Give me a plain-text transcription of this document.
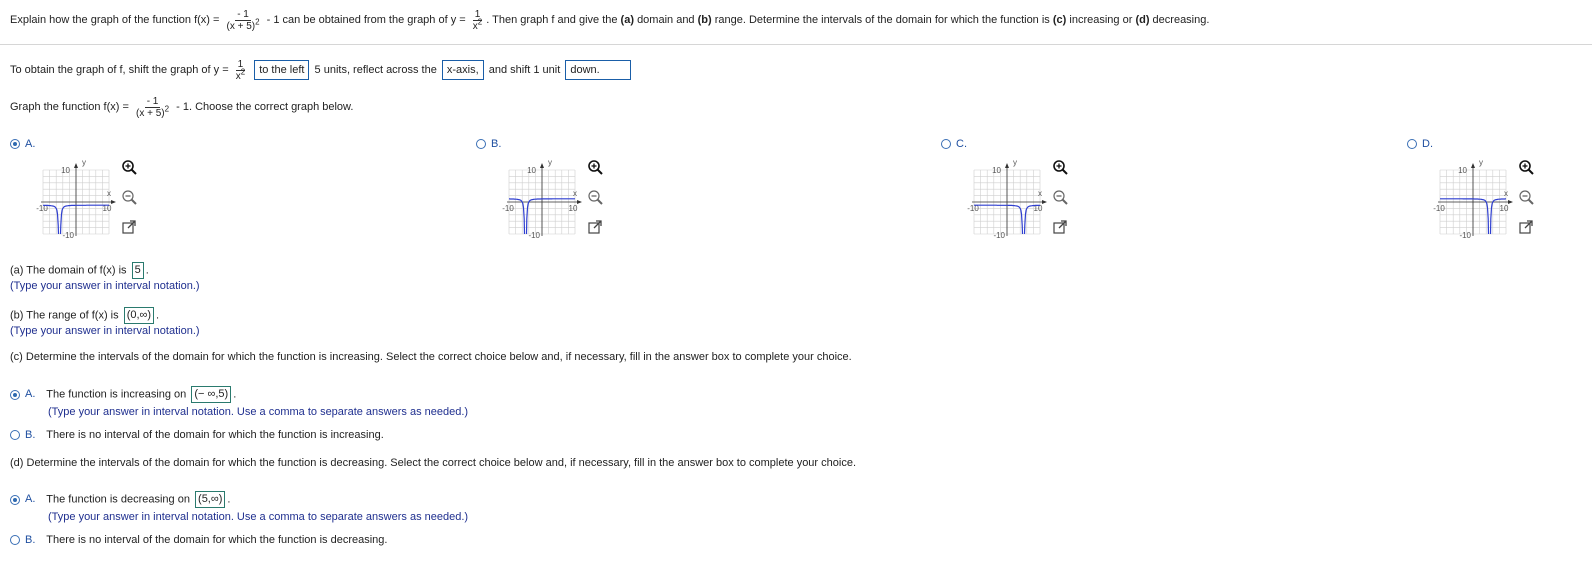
Explain how the graph of the function $f(x) = \frac{- 1}{(x + 5)^2} - 1$ can be obtained from the graph of $y = \frac{1}{x^2}$ . Then graph f and give the (a) domain and (b) range. Determine the intervals of the domain for which the function is (c) increasing or (d) decreasing.
To obtain the graph of f, shift the graph of $y = \frac{1}{x^2}$ to the left 5 units, reflect across the x-axis, and shift 1 unit down.
Graph the function $f(x) = \frac{- 1}{(x + 5)^2} - 1$. Choose the correct graph below.
A.
y
x
10
-10
-10	10
B.
y
x
10
-10
-10	10
C.
y
x
10
-10
-10	10
D.
y
x
10
-10
-10	10
(a) The domain of f(x) is 5 .
(Type your answer in interval notation.)
(b) The range of f(x) is (0,∞) .
(Type your answer in interval notation.)
(c) Determine the intervals of the domain for which the function is increasing. Select the correct choice below and, if necessary, fill in the answer box to complete your choice.
A. The function is increasing on (− ∞,5) .
(Type your answer in interval notation. Use a comma to separate answers as needed.)
B. There is no interval of the domain for which the function is increasing.
(d) Determine the intervals of the domain for which the function is decreasing. Select the correct choice below and, if necessary, fill in the answer box to complete your choice.
A. The function is decreasing on (5,∞) .
(Type your answer in interval notation. Use a comma to separate answers as needed.)
B. There is no interval of the domain for which the function is decreasing.
